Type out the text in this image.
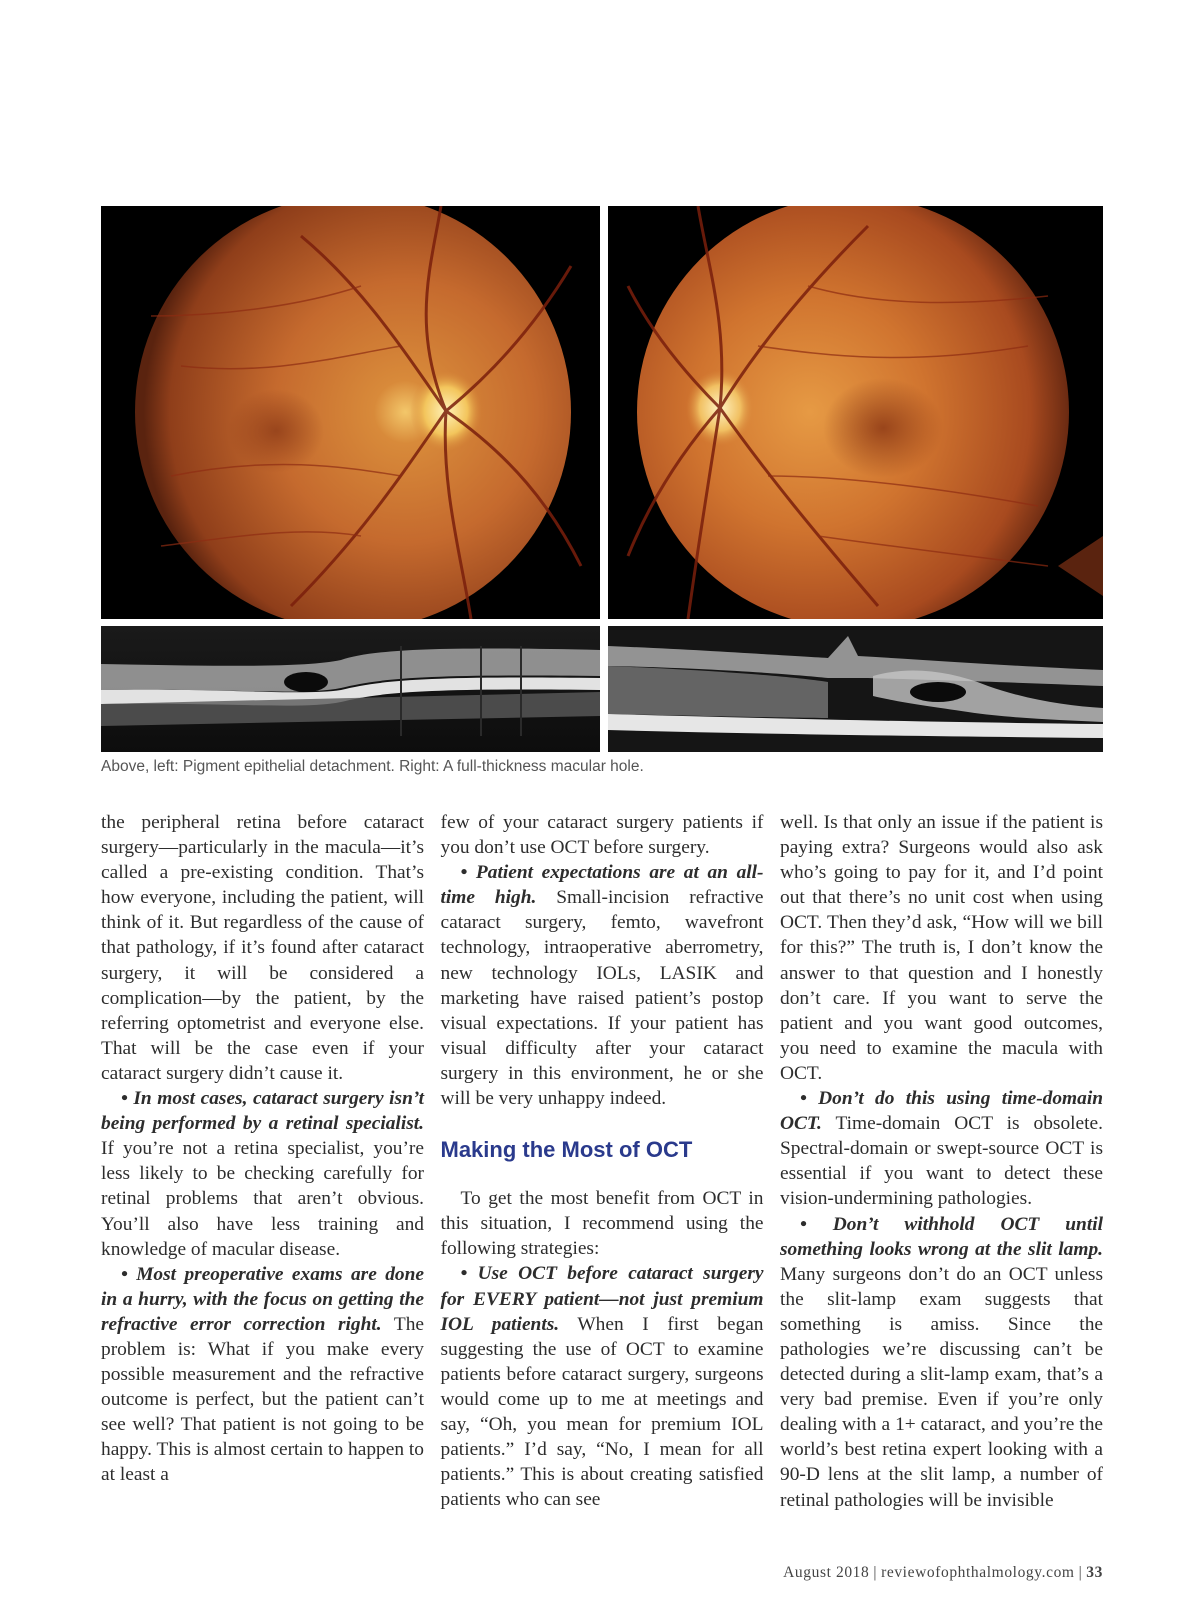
Above, left: Pigment epithelial detachment. Right: A full-thickness macular hole.

the peripheral retina before cataract surgery—particularly in the macula—it’s called a pre-existing condition. That’s how everyone, including the patient, will think of it. But regardless of the cause of that pathology, if it’s found after cataract surgery, it will be considered a complication—by the patient, by the referring optometrist and everyone else. That will be the case even if your cataract surgery didn’t cause it.

• In most cases, cataract surgery isn’t being performed by a retinal specialist. If you’re not a retina specialist, you’re less likely to be checking carefully for retinal problems that aren’t obvious. You’ll also have less training and knowledge of macular disease.

• Most preoperative exams are done in a hurry, with the focus on getting the refractive error correction right. The problem is: What if you make every possible measurement and the refractive outcome is perfect, but the patient can’t see well? That patient is not going to be happy. This is almost certain to happen to at least a

few of your cataract surgery patients if you don’t use OCT before surgery.

• Patient expectations are at an all-time high. Small-incision refractive cataract surgery, femto, wavefront technology, intraoperative aberrometry, new technology IOLs, LASIK and marketing have raised patient’s postop visual expectations. If your patient has visual difficulty after your cataract surgery in this environment, he or she will be very unhappy indeed.

Making the Most of OCT

To get the most benefit from OCT in this situation, I recommend using the following strategies:

• Use OCT before cataract surgery for EVERY patient—not just premium IOL patients. When I first began suggesting the use of OCT to examine patients before cataract surgery, surgeons would come up to me at meetings and say, “Oh, you mean for premium IOL patients.” I’d say, “No, I mean for all patients.” This is about creating satisfied patients who can see

well. Is that only an issue if the patient is paying extra? Surgeons would also ask who’s going to pay for it, and I’d point out that there’s no unit cost when using OCT. Then they’d ask, “How will we bill for this?” The truth is, I don’t know the answer to that question and I honestly don’t care. If you want to serve the patient and you want good outcomes, you need to examine the macula with OCT.

• Don’t do this using time-domain OCT. Time-domain OCT is obsolete. Spectral-domain or swept-source OCT is essential if you want to detect these vision-undermining pathologies.

• Don’t withhold OCT until something looks wrong at the slit lamp. Many surgeons don’t do an OCT unless the slit-lamp exam suggests that something is amiss. Since the pathologies we’re discussing can’t be detected during a slit-lamp exam, that’s a very bad premise. Even if you’re only dealing with a 1+ cataract, and you’re the world’s best retina expert looking with a 90-D lens at the slit lamp, a number of retinal pathologies will be invisible

August 2018 | reviewofophthalmology.com | 33
